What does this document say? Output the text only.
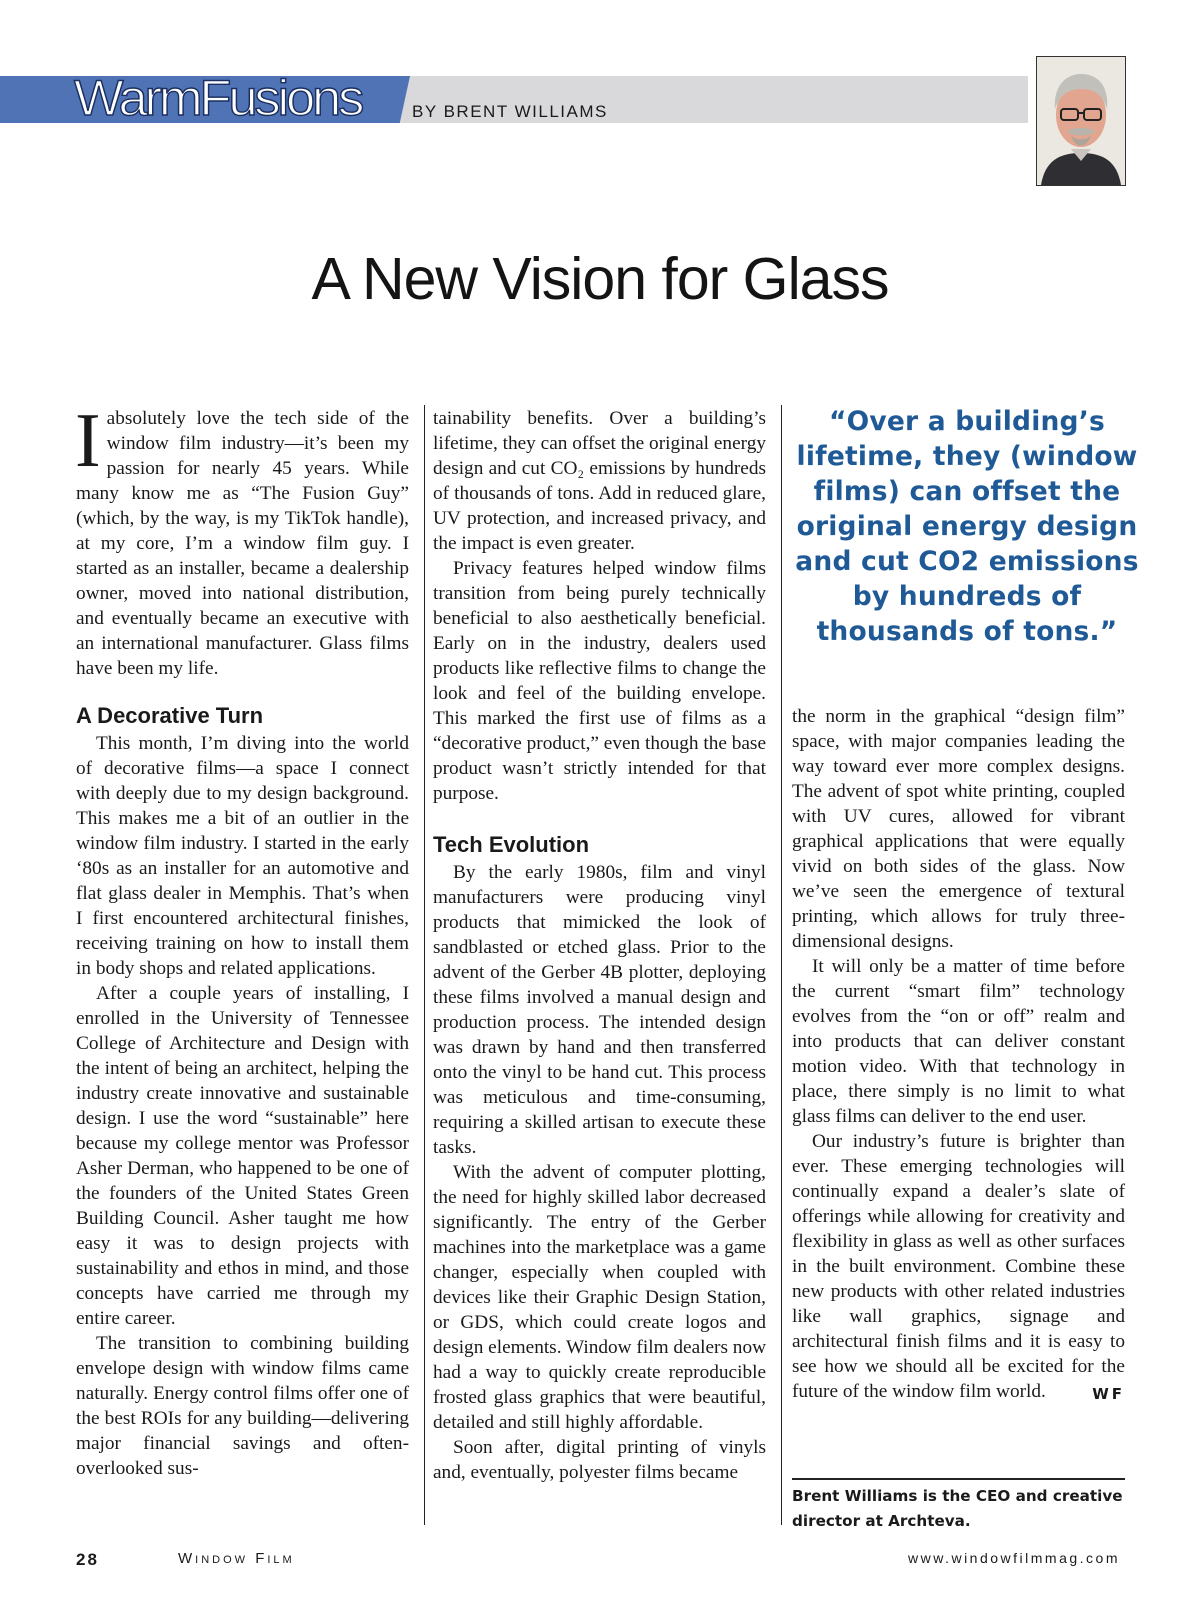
WarmFusions	BY BRENT WILLIAMS
A New Vision for Glass

Iabsolutely love the tech side of the window film industry—it’s been my passion for nearly 45 years. While many know me as “The Fusion Guy” (which, by the way, is my TikTok handle), at my core, I’m a window film guy. I started as an installer, became a dealership owner, moved into national distribution, and eventually became an executive with an international manufacturer. Glass films have been my life.

A Decorative Turn

This month, I’m diving into the world of decorative films—a space I connect with deeply due to my design background. This makes me a bit of an outlier in the window film industry. I started in the early ‘80s as an installer for an automotive and flat glass dealer in Memphis. That’s when I first encountered architectural finishes, receiving training on how to install them in body shops and related applications.

After a couple years of installing, I enrolled in the University of Tennessee College of Architecture and Design with the intent of being an architect, helping the industry create innovative and sustainable design. I use the word “sustainable” here because my college mentor was Professor Asher Derman, who happened to be one of the founders of the United States Green Building Council. Asher taught me how easy it was to design projects with sustainability and ethos in mind, and those concepts have carried me through my entire career.

The transition to combining building envelope design with window films came naturally. Energy control films offer one of the best ROIs for any building—delivering major financial savings and often-overlooked sus-

tainability benefits. Over a building’s lifetime, they can offset the original energy design and cut CO₂ emissions by hundreds of thousands of tons. Add in reduced glare, UV protection, and increased privacy, and the impact is even greater.

Privacy features helped window films transition from being purely technically beneficial to also aesthetically beneficial. Early on in the industry, dealers used products like reflective films to change the look and feel of the building envelope. This marked the first use of films as a “decorative product,” even though the base product wasn’t strictly intended for that purpose.

Tech Evolution

By the early 1980s, film and vinyl manufacturers were producing vinyl products that mimicked the look of sandblasted or etched glass. Prior to the advent of the Gerber 4B plotter, deploying these films involved a manual design and production process. The intended design was drawn by hand and then transferred onto the vinyl to be hand cut. This process was meticulous and time-consuming, requiring a skilled artisan to execute these tasks.

With the advent of computer plotting, the need for highly skilled labor decreased significantly. The entry of the Gerber machines into the marketplace was a game changer, especially when coupled with devices like their Graphic Design Station, or GDS, which could create logos and design elements. Window film dealers now had a way to quickly create reproducible frosted glass graphics that were beautiful, detailed and still highly affordable.

Soon after, digital printing of vinyls and, eventually, polyester films became

“Over a building’s lifetime, they (window films) can offset the original energy design and cut CO2 emissions by hundreds of thousands of tons.”

the norm in the graphical “design film” space, with major companies leading the way toward ever more complex designs. The advent of spot white printing, coupled with UV cures, allowed for vibrant graphical applications that were equally vivid on both sides of the glass. Now we’ve seen the emergence of textural printing, which allows for truly three-dimensional designs.

It will only be a matter of time before the current “smart film” technology evolves from the “on or off” realm and into products that can deliver constant motion video. With that technology in place, there simply is no limit to what glass films can deliver to the end user.

Our industry’s future is brighter than ever. These emerging technologies will continually expand a dealer’s slate of offerings while allowing for creativity and flexibility in glass as well as other surfaces in the built environment. Combine these new products with other related industries like wall graphics, signage and architectural finish films and it is easy to see how we should all be excited for the future of the window film world.	WF

Brent Williams is the CEO and creative director at Archteva.
28	Window Film	www.windowfilmmag.com
